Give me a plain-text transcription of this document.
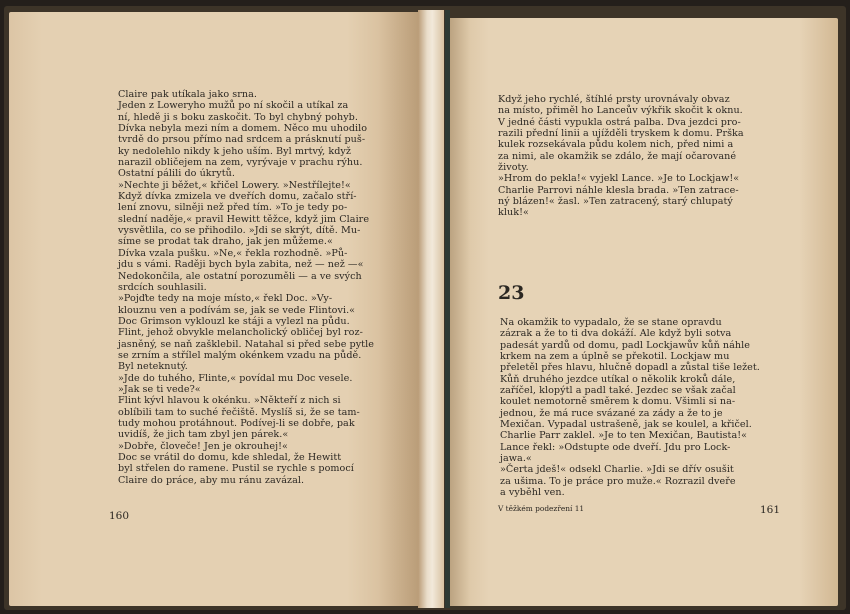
Claire pak utíkala jako srna.

Jeden z Loweryho mužů po ní skočil a utíkal za

ní, hledě ji s boku zaskočit. To byl chybný pohyb.

Dívka nebyla mezi ním a domem. Něco mu uhodilo

tvrdě do prsou přímo nad srdcem a prásknutí puš-

ky nedolehlo nikdy k jeho uším. Byl mrtvý, když

narazil obličejem na zem, vyrývaje v prachu rýhu.

Ostatní pálili do úkrytů.

»Nechte ji běžet,« křičel Lowery. »Nestřílejte!«

Když dívka zmizela ve dveřích domu, začalo stří-

lení znovu, silněji než před tím. »To je tedy po-

slední naděje,« pravil Hewitt těžce, když jim Claire

vysvětlila, co se přihodilo. »Jdi se skrýt, dítě. Mu-

síme se prodat tak draho, jak jen můžeme.«

Dívka vzala pušku. »Ne,« řekla rozhodně. »Pů-

jdu s vámi. Raději bych byla zabita, než — než —«

Nedokončila, ale ostatní porozuměli — a ve svých

srdcích souhlasili.

»Pojďte tedy na moje místo,« řekl Doc. »Vy-

klouznu ven a podívám se, jak se vede Flintovi.«

Doc Grimson vyklouzl ke stáji a vylezl na půdu.

Flint, jehož obvykle melancholický obličej byl roz-

jasněný, se naň zašklebil. Natahal si před sebe pytle

se zrním a střílel malým okénkem vzadu na půdě.

Byl neteknutý.

»Jde do tuhého, Flinte,« povídal mu Doc vesele.

»Jak se ti vede?«

Flint kývl hlavou k okénku. »Někteří z nich si

oblíbili tam to suché řečiště. Myslíš si, že se tam-

tudy mohou protáhnout. Podívej-li se dobře, pak

uvidíš, že jich tam zbyl jen párek.«

»Dobře, človeče! Jen je okrouhej!«

Doc se vrátil do domu, kde shledal, že Hewitt

byl střelen do ramene. Pustil se rychle s pomocí

Claire do práce, aby mu ránu zavázal.

160

Když jeho rychlé, štíhlé prsty urovnávaly obvaz

na místo, přiměl ho Lanceův výkřik skočit k oknu.

V jedné části vypukla ostrá palba. Dva jezdci pro-

razili přední linii a ujížděli tryskem k domu. Prška

kulek rozsekávala půdu kolem nich, před nimi a

za nimi, ale okamžik se zdálo, že mají očarované

životy.

»Hrom do pekla!« vyjekl Lance. »Je to Lockjaw!«

Charlie Parrovi náhle klesla brada. »Ten zatrace-

ný blázen!« žasl. »Ten zatracený, starý chlupatý

kluk!«

23

Na okamžik to vypadalo, že se stane opravdu

zázrak a že to ti dva dokáží. Ale když byli sotva

padesát yardů od domu, padl Lockjawův kůň náhle

krkem na zem a úplně se překotil. Lockjaw mu

přeletěl přes hlavu, hlučně dopadl a zůstal tiše ležet.

Kůň druhého jezdce utíkal o několik kroků dále,

zaříčel, klopýtl a padl také. Jezdec se však začal

koulet nemotorně směrem k domu. Všimli si na-

jednou, že má ruce svázané za zády a že to je

Mexičan. Vypadal ustrašeně, jak se koulel, a křičel.

Charlie Parr zaklel. »Je to ten Mexičan, Bautista!«

Lance řekl: »Odstupte ode dveří. Jdu pro Lock-

jawa.«

»Čerta jdeš!« odsekl Charlie. »Jdi se dřív osušit

za ušima. To je práce pro muže.« Rozrazil dveře

a vyběhl ven.

V těžkém podezření 11	161
